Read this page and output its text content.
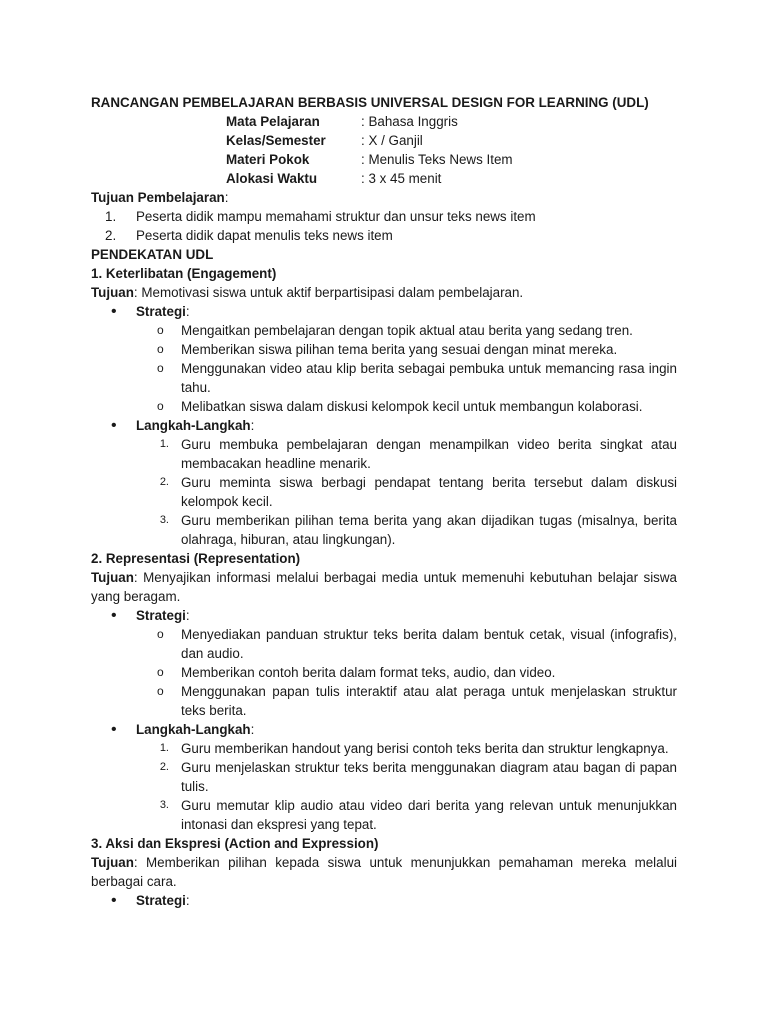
RANCANGAN PEMBELAJARAN BERBASIS UNIVERSAL DESIGN FOR LEARNING (UDL)
Mata Pelajaran	: Bahasa Inggris
Kelas/Semester	: X / Ganjil
Materi Pokok	: Menulis Teks News Item
Alokasi Waktu	: 3 x 45 menit
Tujuan Pembelajaran:
1.	Peserta didik mampu memahami struktur dan unsur teks news item
2.	Peserta didik dapat menulis teks news item
PENDEKATAN UDL
1. Keterlibatan (Engagement)
Tujuan: Memotivasi siswa untuk aktif berpartisipasi dalam pembelajaran.
•	Strategi:
o	Mengaitkan pembelajaran dengan topik aktual atau berita yang sedang tren.
o	Memberikan siswa pilihan tema berita yang sesuai dengan minat mereka.
o	Menggunakan video atau klip berita sebagai pembuka untuk memancing rasa ingin tahu.
o	Melibatkan siswa dalam diskusi kelompok kecil untuk membangun kolaborasi.
•	Langkah-Langkah:
1. Guru membuka pembelajaran dengan menampilkan video berita singkat atau membacakan headline menarik.
2. Guru meminta siswa berbagi pendapat tentang berita tersebut dalam diskusi kelompok kecil.
3. Guru memberikan pilihan tema berita yang akan dijadikan tugas (misalnya, berita olahraga, hiburan, atau lingkungan).
2. Representasi (Representation)
Tujuan: Menyajikan informasi melalui berbagai media untuk memenuhi kebutuhan belajar siswa yang beragam.
•	Strategi:
o	Menyediakan panduan struktur teks berita dalam bentuk cetak, visual (infografis), dan audio.
o	Memberikan contoh berita dalam format teks, audio, dan video.
o	Menggunakan papan tulis interaktif atau alat peraga untuk menjelaskan struktur teks berita.
•	Langkah-Langkah:
1. Guru memberikan handout yang berisi contoh teks berita dan struktur lengkapnya.
2. Guru menjelaskan struktur teks berita menggunakan diagram atau bagan di papan tulis.
3. Guru memutar klip audio atau video dari berita yang relevan untuk menunjukkan intonasi dan ekspresi yang tepat.
3. Aksi dan Ekspresi (Action and Expression)
Tujuan: Memberikan pilihan kepada siswa untuk menunjukkan pemahaman mereka melalui berbagai cara.
•	Strategi:
